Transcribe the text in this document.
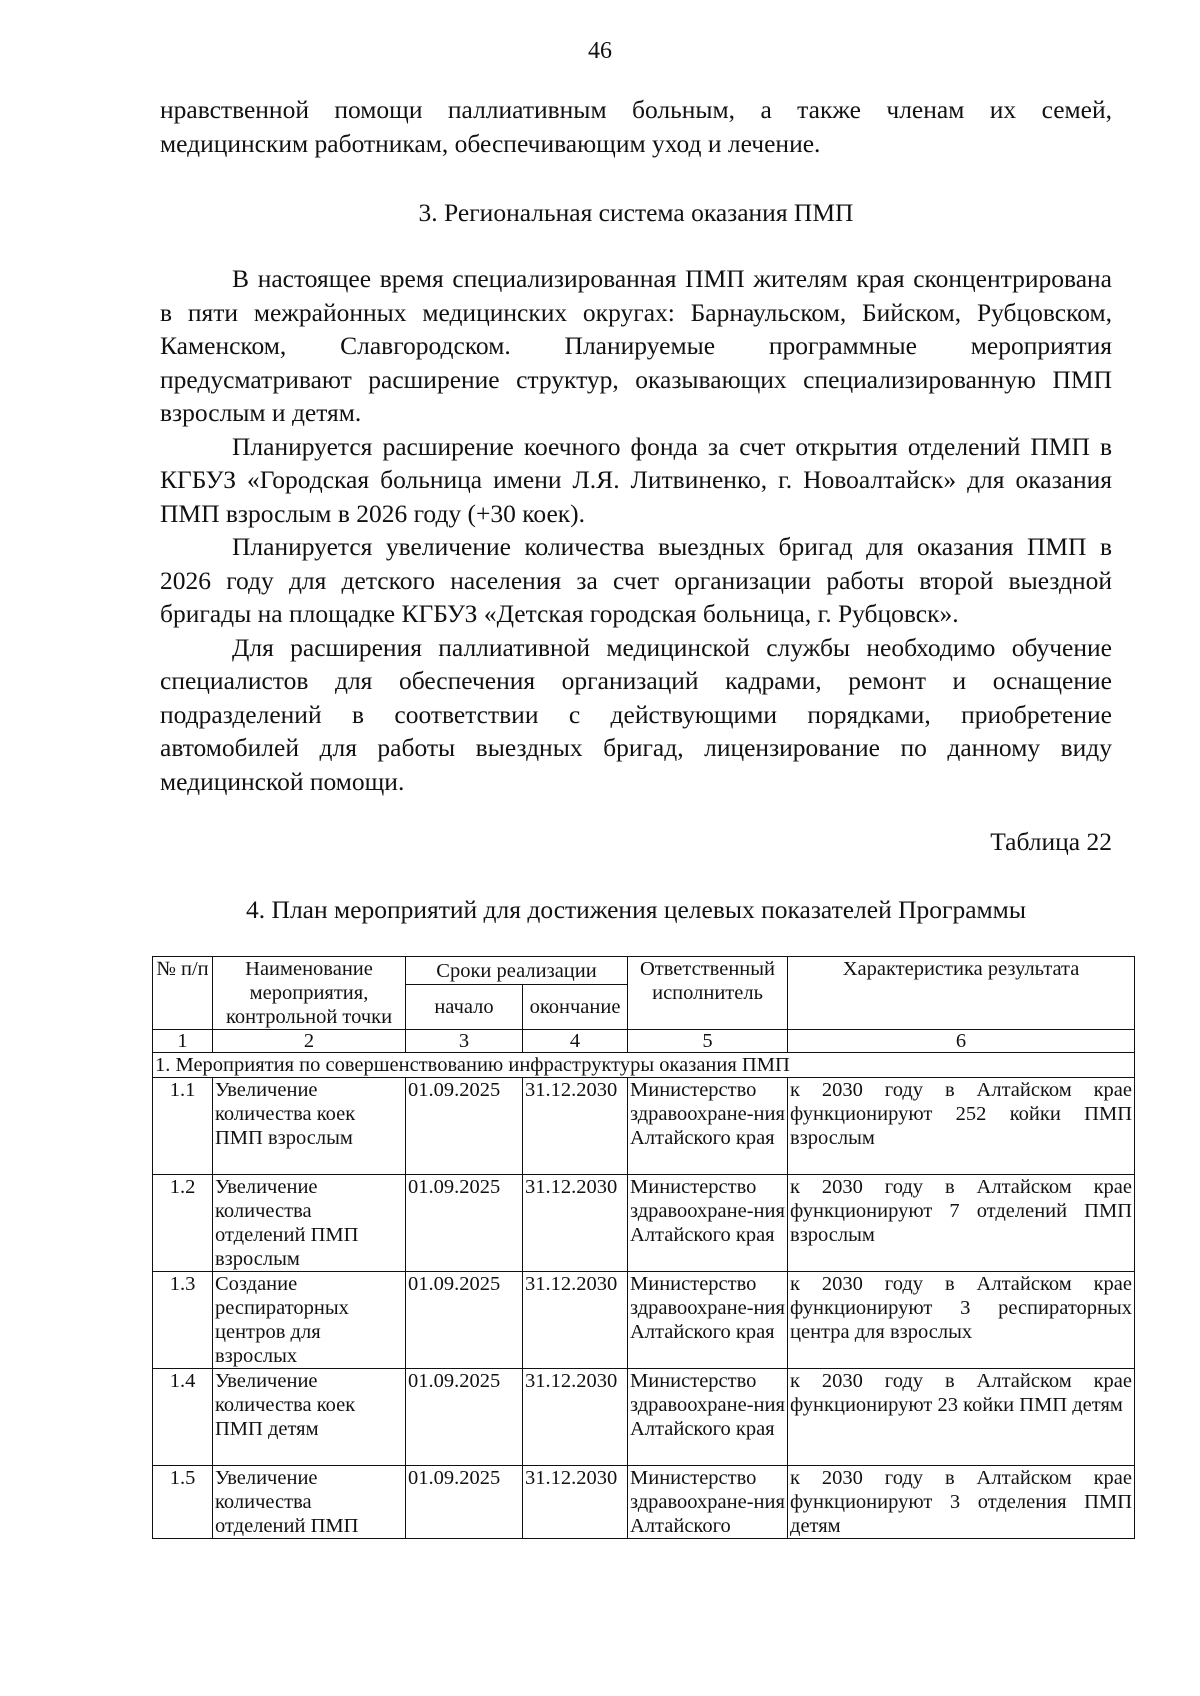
46

нравственной помощи паллиативным больным, а также членам их семей, медицинским работникам, обеспечивающим уход и лечение.

3. Региональная система оказания ПМП

В настоящее время специализированная ПМП жителям края сконцентрирована в пяти межрайонных медицинских округах: Барнаульском, Бийском, Рубцовском, Каменском, Славгородском. Планируемые программные мероприятия предусматривают расширение структур, оказывающих специализированную ПМП взрослым и детям.

Планируется расширение коечного фонда за счет открытия отделений ПМП в КГБУЗ «Городская больница имени Л.Я. Литвиненко, г. Новоалтайск» для оказания ПМП взрослым в 2026 году (+30 коек).

Планируется увеличение количества выездных бригад для оказания ПМП в 2026 году для детского населения за счет организации работы второй выездной бригады на площадке КГБУЗ «Детская городская больница, г. Рубцовск».

Для расширения паллиативной медицинской службы необходимо обучение специалистов для обеспечения организаций кадрами, ремонт и оснащение подразделений в соответствии с действующими порядками, приобретение автомобилей для работы выездных бригад, лицензирование по данному виду медицинской помощи.

Таблица 22
4. План мероприятий для достижения целевых показателей Программы
№ п/п	Наименование мероприятия, контрольной точки	Сроки реализации		Ответственный исполнитель	Характеристика результата
		начало	окончание		
1	2	3	4	5	6
1. Мероприятия по совершенствованию инфраструктуры оказания ПМП					
1.1	Увеличение количества коек ПМП взрослым	01.09.2025	31.12.2030	Министерство здравоохране-ния Алтайского края	к 2030 году в Алтайском крае функционируют 252 койки ПМП взрослым
1.2	Увеличение количества отделений ПМП взрослым	01.09.2025	31.12.2030	Министерство здравоохране-ния Алтайского края	к 2030 году в Алтайском крае функционируют 7 отделений ПМП взрослым
1.3	Создание респираторных центров для взрослых	01.09.2025	31.12.2030	Министерство здравоохране-ния Алтайского края	к 2030 году в Алтайском крае функционируют 3 респираторных центра для взрослых
1.4	Увеличение количества коек ПМП детям	01.09.2025	31.12.2030	Министерство здравоохране-ния Алтайского края	к 2030 году в Алтайском крае функционируют 23 койки ПМП детям
1.5	Увеличение количества отделений ПМП	01.09.2025	31.12.2030	Министерство здравоохране-ния Алтайского	к 2030 году в Алтайском крае функционируют 3 отделения ПМП детям
